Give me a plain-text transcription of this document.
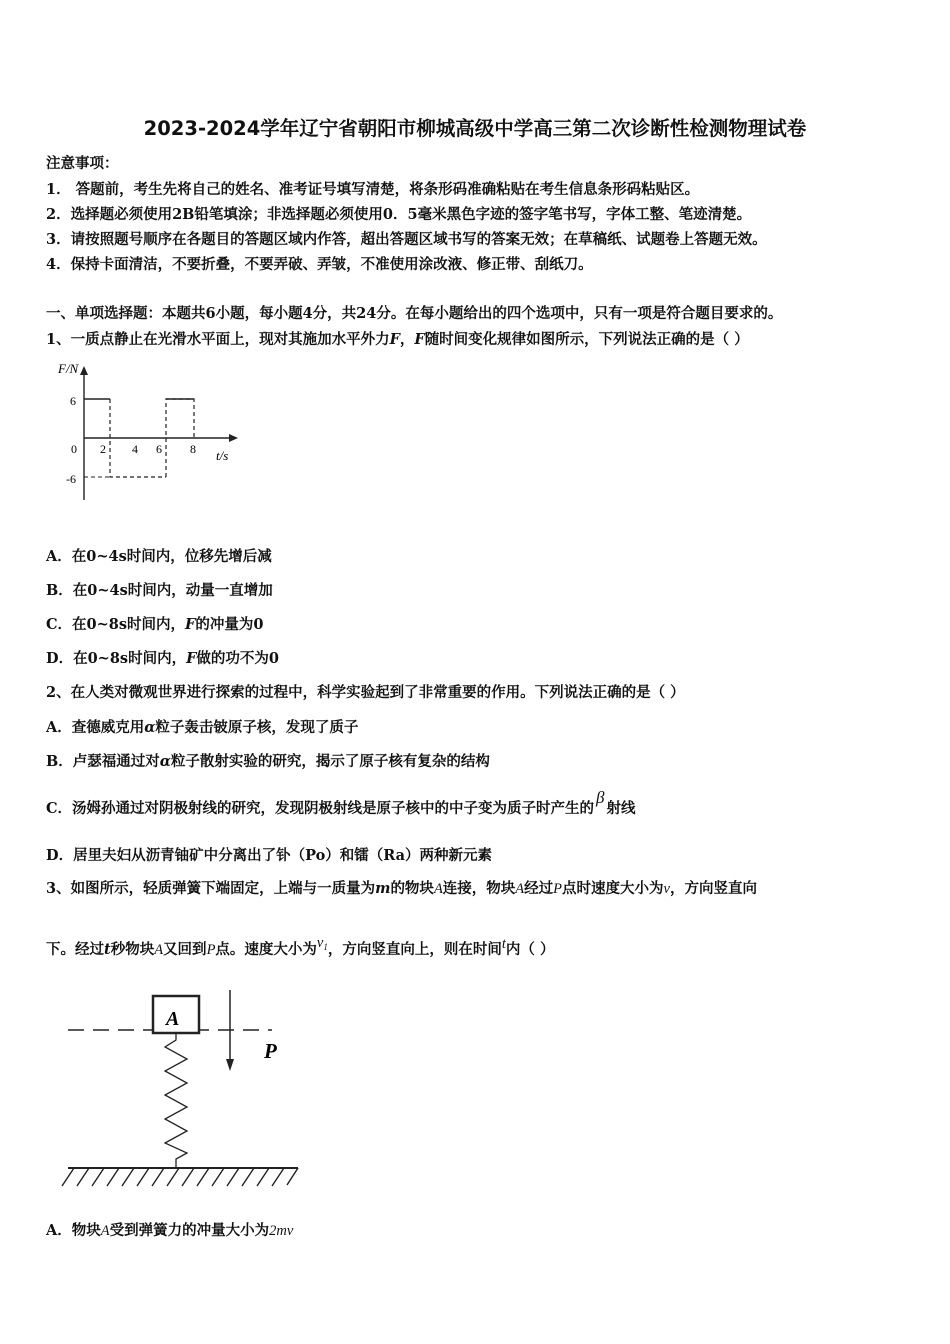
2023-2024学年辽宁省朝阳市柳城高级中学高三第二次诊断性检测物理试卷
注意事项：
1． 答题前，考生先将自己的姓名、准考证号填写清楚，将条形码准确粘贴在考生信息条形码粘贴区。
2．选择题必须使用2B铅笔填涂；非选择题必须使用0．5毫米黑色字迹的签字笔书写，字体工整、笔迹清楚。
3．请按照题号顺序在各题目的答题区域内作答，超出答题区域书写的答案无效；在草稿纸、试题卷上答题无效。
4．保持卡面清洁，不要折叠，不要弄破、弄皱，不准使用涂改液、修正带、刮纸刀。
一、单项选择题：本题共6小题，每小题4分，共24分。在每小题给出的四个选项中，只有一项是符合题目要求的。
1、一质点静止在光滑水平面上，现对其施加水平外力F，F随时间变化规律如图所示，下列说法正确的是（ ）
F/N
t/s
6
0
-6
2 4 6 8
A．在0~4s时间内，位移先增后减
B．在0~4s时间内，动量一直增加
C．在0~8s时间内，F的冲量为0
D．在0~8s时间内，F做的功不为0
2、在人类对微观世界进行探索的过程中，科学实验起到了非常重要的作用。下列说法正确的是（ ）
A．查德威克用α粒子轰击铍原子核，发现了质子
B．卢瑟福通过对α粒子散射实验的研究，揭示了原子核有复杂的结构
C．汤姆孙通过对阴极射线的研究，发现阴极射线是原子核中的中子变为质子时产生的β射线
D．居里夫妇从沥青铀矿中分离出了钋（Po）和镭（Ra）两种新元素
3、如图所示，轻质弹簧下端固定，上端与一质量为m的物块A连接，物块A经过P点时速度大小为v，方向竖直向
下。经过t秒物块A又回到P点。速度大小为$v^1$，方向竖直向上，则在时间t内（ ）
A
P
A．物块A受到弹簧力的冲量大小为2mv
